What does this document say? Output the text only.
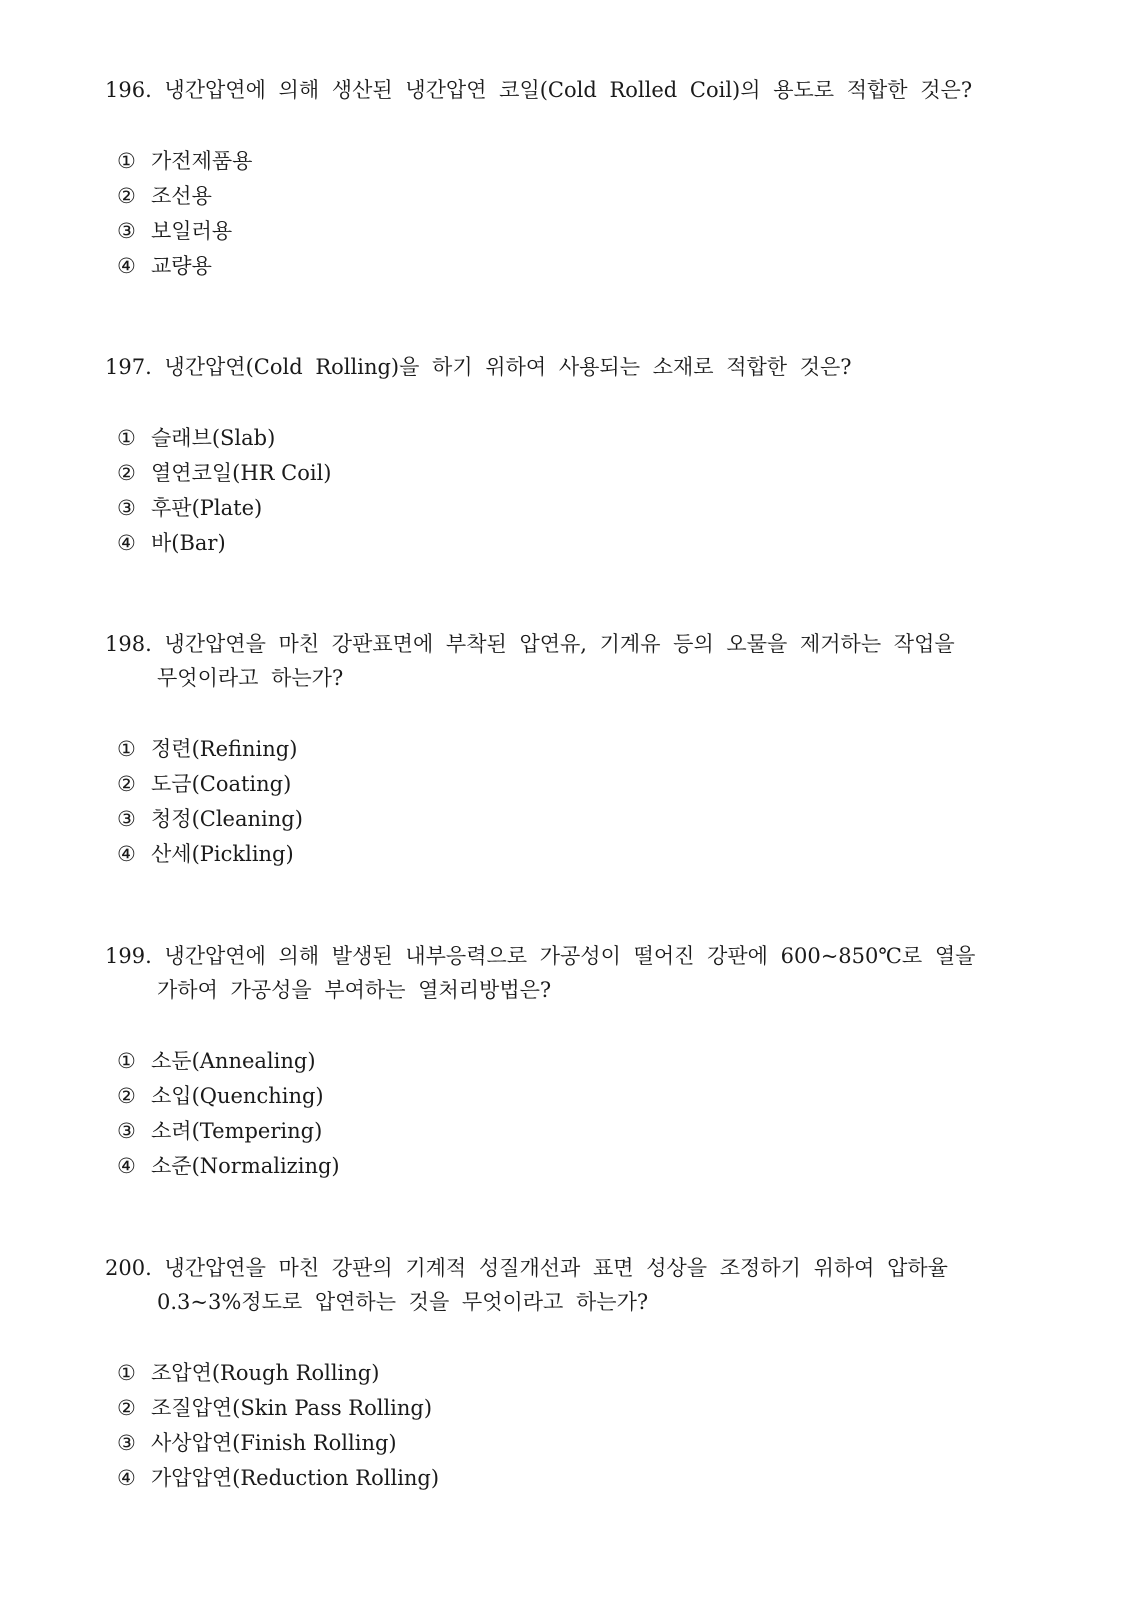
196. 냉간압연에 의해 생산된 냉간압연 코일(Cold Rolled Coil)의 용도로 적합한 것은?
① 가전제품용
② 조선용
③ 보일러용
④ 교량용
197. 냉간압연(Cold Rolling)을 하기 위하여 사용되는 소재로 적합한 것은?
① 슬래브(Slab)
② 열연코일(HR Coil)
③ 후판(Plate)
④ 바(Bar)
198. 냉간압연을 마친 강판표면에 부착된 압연유, 기계유 등의 오물을 제거하는 작업을
무엇이라고 하는가?
① 정련(Refining)
② 도금(Coating)
③ 청정(Cleaning)
④ 산세(Pickling)
199. 냉간압연에 의해 발생된 내부응력으로 가공성이 떨어진 강판에 600~850℃로 열을
가하여 가공성을 부여하는 열처리방법은?
① 소둔(Annealing)
② 소입(Quenching)
③ 소려(Tempering)
④ 소준(Normalizing)
200. 냉간압연을 마친 강판의 기계적 성질개선과 표면 성상을 조정하기 위하여 압하율
0.3~3%정도로 압연하는 것을 무엇이라고 하는가?
① 조압연(Rough Rolling)
② 조질압연(Skin Pass Rolling)
③ 사상압연(Finish Rolling)
④ 가압압연(Reduction Rolling)
